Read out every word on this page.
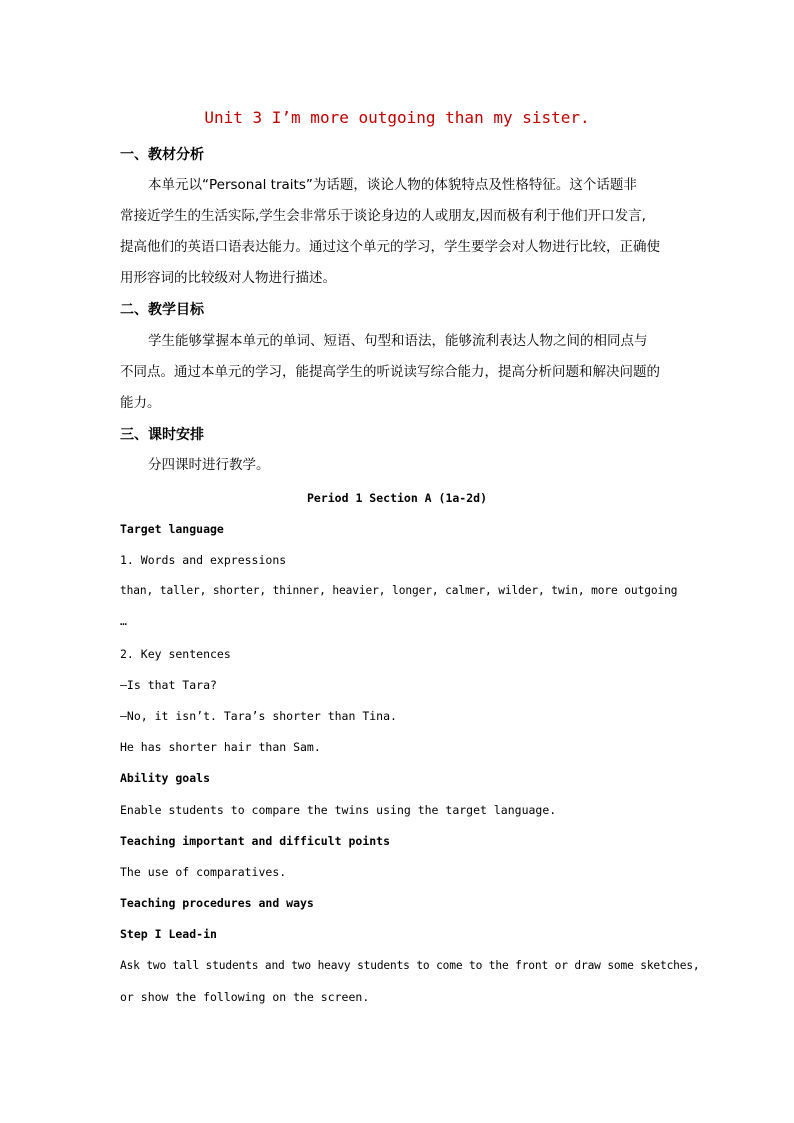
Unit 3 I’m more outgoing than my sister.
一、教材分析
本单元以“Personal traits”为话题，谈论人物的体貌特点及性格特征。这个话题非
常接近学生的生活实际,学生会非常乐于谈论身边的人或朋友,因而极有利于他们开口发言,
提高他们的英语口语表达能力。通过这个单元的学习，学生要学会对人物进行比较，正确使
用形容词的比较级对人物进行描述。
二、教学目标
学生能够掌握本单元的单词、短语、句型和语法，能够流利表达人物之间的相同点与
不同点。通过本单元的学习，能提高学生的听说读写综合能力，提高分析问题和解决问题的
能力。
三、课时安排
分四课时进行教学。
Period 1 Section A (1a-2d)
Target language
1. Words and expressions
than, taller, shorter, thinner, heavier, longer, calmer, wilder, twin, more outgoing
…
2. Key sentences
—Is that Tara?
—No, it isn’t. Tara’s shorter than Tina.
He has shorter hair than Sam.
Ability goals
Enable students to compare the twins using the target language.
Teaching important and difficult points
The use of comparatives.
Teaching procedures and ways
Step I Lead-in
Ask two tall students and two heavy students to come to the front or draw some sketches,
or show the following on the screen.
